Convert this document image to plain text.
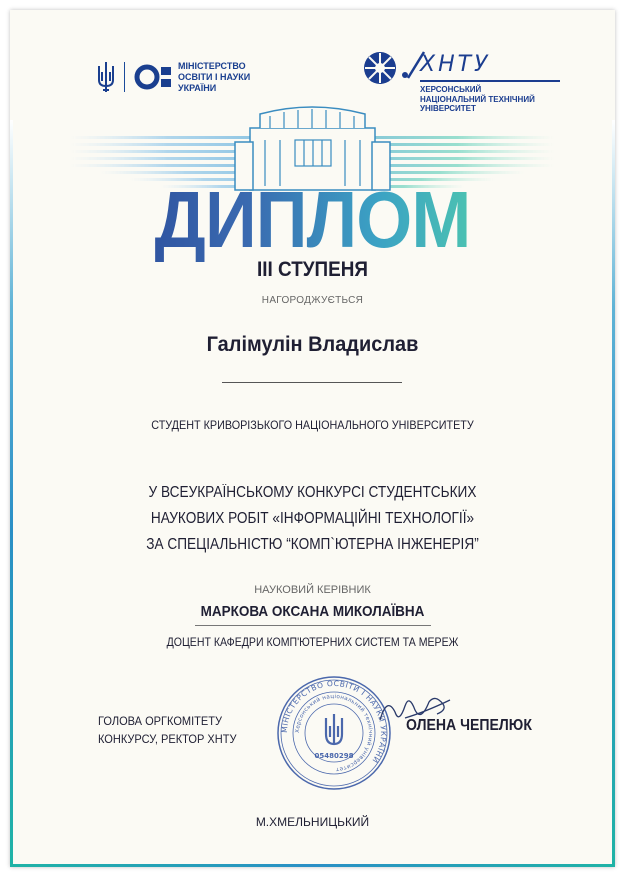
МІНІСТЕРСТВО
ОСВІТИ І НАУКИ
УКРАЇНИ
ХНТУ
ХЕРСОНСЬКИЙ
НАЦІОНАЛЬНИЙ ТЕХНІЧНИЙ
УНІВЕРСИТЕТ
ДИПЛОМ
ІІІ СТУПЕНЯ
НАГОРОДЖУЄТЬСЯ
Галімулін Владислав
СТУДЕНТ КРИВОРІЗЬКОГО НАЦІОНАЛЬНОГО УНІВЕРСИТЕТУ
У ВСЕУКРАЇНСЬКОМУ КОНКУРСІ СТУДЕНТСЬКИХ
НАУКОВИХ РОБІТ «ІНФОРМАЦІЙНІ ТЕХНОЛОГІЇ»
ЗА СПЕЦІАЛЬНІСТЮ “КОМП`ЮТЕРНА ІНЖЕНЕРІЯ”
НАУКОВИЙ КЕРІВНИК
МАРКОВА ОКСАНА МИКОЛАЇВНА
ДОЦЕНТ КАФЕДРИ КОМП'ЮТЕРНИХ СИСТЕМ ТА МЕРЕЖ
ГОЛОВА ОРГКОМІТЕТУ
КОНКУРСУ, РЕКТОР ХНТУ
МІНІСТЕРСТВО ОСВІТИ І НАУКИ УКРАЇНИ
Херсонський національний технічний університет
05480298
ОЛЕНА ЧЕПЕЛЮК
М.ХМЕЛЬНИЦЬКИЙ
